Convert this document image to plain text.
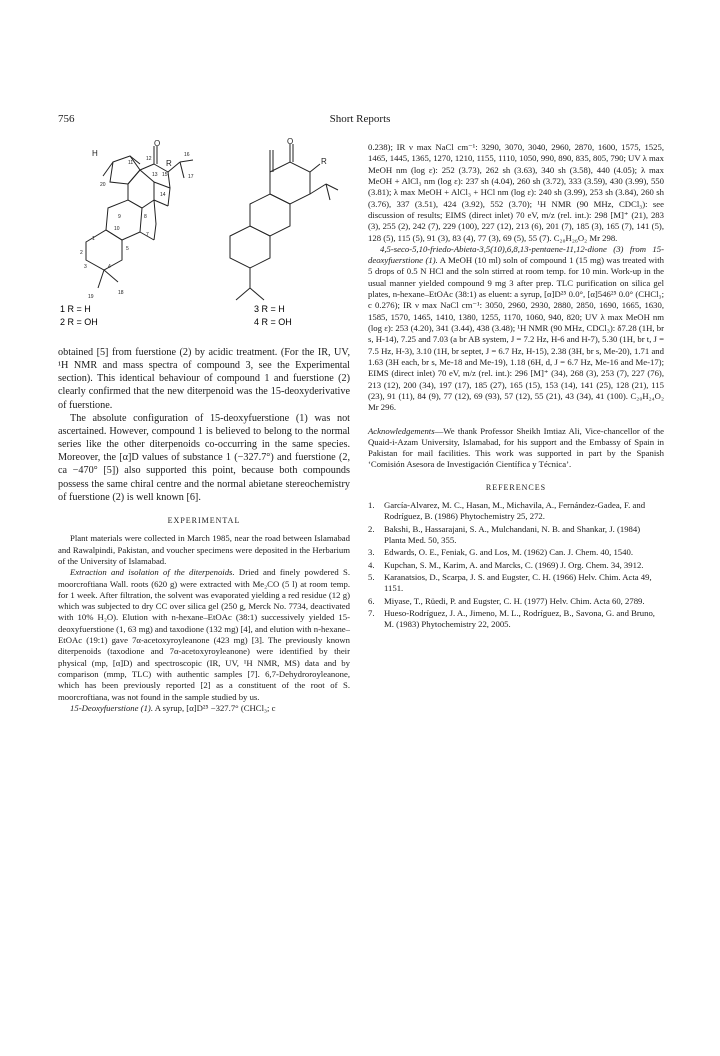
756	Short Reports
H
O
R
O
R
11
12
13
14
15
16
17
20
9
10
8
7
5
1
2
3	4
19
18
1 R = H
2 R = OH
3 R = H
4 R = OH

obtained [5] from fuerstione (2) by acidic treatment. (For the IR, UV, ¹H NMR and mass spectra of compound 3, see the Experimental section). This identical behaviour of compound 1 and fuerstione (2) clearly confirmed that the new diterpenoid was the 15-deoxyderivative of fuerstione.

The absolute configuration of 15-deoxyfuerstione (1) was not ascertained. However, compound 1 is believed to belong to the normal series like the other diterpenoids co-occurring in the same species. Moreover, the [α]D values of substance 1 (−327.7°) and fuerstione (2, ca −470° [5]) also supported this point, because both compounds possess the same chiral centre and the normal abietane stereochemistry of fuerstione (2) is well known [6].

EXPERIMENTAL

Plant materials were collected in March 1985, near the road between Islamabad and Rawalpindi, Pakistan, and voucher specimens were deposited in the Herbarium of the University of Islamabad.

Extraction and isolation of the diterpenoids. Dried and finely powdered S. moorcroftiana Wall. roots (620 g) were extracted with Me₂CO (5 l) at room temp. for 1 week. After filtration, the solvent was evaporated yielding a red residue (12 g) which was subjected to dry CC over silica gel (250 g, Merck No. 7734, deactivated with 10% H₂O). Elution with n-hexane–EtOAc (38:1) successively yielded 15-deoxyfuerstione (1, 63 mg) and taxodione (132 mg) [4], and elution with n-hexane–EtOAc (19:1) gave 7α-acetoxyroyleanone (423 mg) [3]. The previously known diterpenoids (taxodione and 7α-acetoxyroyleanone) were identified by their physical (mp, [α]D) and spectroscopic (IR, UV, ¹H NMR, MS) data and by comparison (mmp, TLC) with authentic samples [7]. 6,7-Dehydroroyleanone, which has been previously reported [2] as a constituent of the root of S. moorcroftiana, was not found in the sample studied by us.

15-Deoxyfuerstione (1). A syrup, [α]D²⁵ −327.7° (CHCl₃; c

0.238); IR ν max NaCl cm⁻¹: 3290, 3070, 3040, 2960, 2870, 1600, 1575, 1525, 1465, 1445, 1365, 1270, 1210, 1155, 1110, 1050, 990, 890, 835, 805, 790; UV λ max MeOH nm (log ε): 252 (3.73), 262 sh (3.63), 340 sh (3.58), 440 (4.05); λ max MeOH + AlCl₃ nm (log ε): 237 sh (4.04), 260 sh (3.72), 333 (3.59), 430 (3.99), 550 (3.81); λ max MeOH + AlCl₃ + HCl nm (log ε): 240 sh (3.99), 253 sh (3.84), 260 sh (3.76), 337 (3.51), 424 (3.92), 552 (3.70); ¹H NMR (90 MHz, CDCl₃): see discussion of results; EIMS (direct inlet) 70 eV, m/z (rel. int.): 298 [M]⁺ (21), 283 (3), 255 (2), 242 (7), 229 (100), 227 (12), 213 (6), 201 (7), 185 (3), 165 (7), 141 (5), 128 (5), 115 (5), 91 (3), 83 (4), 77 (3), 69 (5), 55 (7). C₂₀H₂₆O₂ Mr 298.

4,5-seco-5,10-friedo-Abieta-3,5(10),6,8,13-pentaene-11,12-dione (3) from 15-deoxyfuerstione (1). A MeOH (10 ml) soln of compound 1 (15 mg) was treated with 5 drops of 0.5 N HCl and the soln stirred at room temp. for 10 min. Work-up in the usual manner yielded compound 9 mg 3 after prep. TLC purification on silica gel plates, n-hexane–EtOAc (38:1) as eluent: a syrup, [α]D²⁵ 0.0°, [α]546²⁵ 0.0° (CHCl₃; c 0.276); IR ν max NaCl cm⁻¹: 3050, 2960, 2930, 2880, 2850, 1690, 1665, 1630, 1585, 1570, 1465, 1410, 1380, 1255, 1170, 1060, 940, 820; UV λ max MeOH nm (log ε): 253 (4.20), 341 (3.44), 438 (3.48); ¹H NMR (90 MHz, CDCl₃): δ7.28 (1H, br s, H-14), 7.25 and 7.03 (a br AB system, J = 7.2 Hz, H-6 and H-7), 5.30 (1H, br t, J = 7.5 Hz, H-3), 3.10 (1H, br septet, J = 6.7 Hz, H-15), 2.38 (3H, br s, Me-20), 1.71 and 1.63 (3H each, br s, Me-18 and Me-19), 1.18 (6H, d, J = 6.7 Hz, Me-16 and Me-17); EIMS (direct inlet) 70 eV, m/z (rel. int.): 296 [M]⁺ (34), 268 (3), 253 (7), 227 (76), 213 (12), 200 (34), 197 (17), 185 (27), 165 (15), 153 (14), 141 (25), 128 (21), 115 (23), 91 (11), 84 (9), 77 (12), 69 (93), 57 (12), 55 (21), 43 (34), 41 (100). C₂₀H₂₄O₂ Mr 296.

Acknowledgements—We thank Professor Sheikh Imtiaz Ali, Vice-chancellor of the Quaid-i-Azam University, Islamabad, for his support and the Embassy of Spain in Pakistan for mail facilities. This work was supported in part by the Spanish ‘Comisión Asesora de Investigación Científica y Técnica’.

REFERENCES

1. García-Alvarez, M. C., Hasan, M., Michavila, A., Fernández-Gadea, F. and Rodríguez, B. (1986) Phytochemistry 25, 272.
2. Bakshi, B., Hassarajani, S. A., Mulchandani, N. B. and Shankar, J. (1984) Planta Med. 50, 355.
3. Edwards, O. E., Feniak, G. and Los, M. (1962) Can. J. Chem. 40, 1540.
4. Kupchan, S. M., Karim, A. and Marcks, C. (1969) J. Org. Chem. 34, 3912.
5. Karanatsios, D., Scarpa, J. S. and Eugster, C. H. (1966) Helv. Chim. Acta 49, 1151.
6. Miyase, T., Rüedi, P. and Eugster, C. H. (1977) Helv. Chim. Acta 60, 2789.
7. Hueso-Rodríguez, J. A., Jimeno, M. L., Rodríguez, B., Savona, G. and Bruno, M. (1983) Phytochemistry 22, 2005.
